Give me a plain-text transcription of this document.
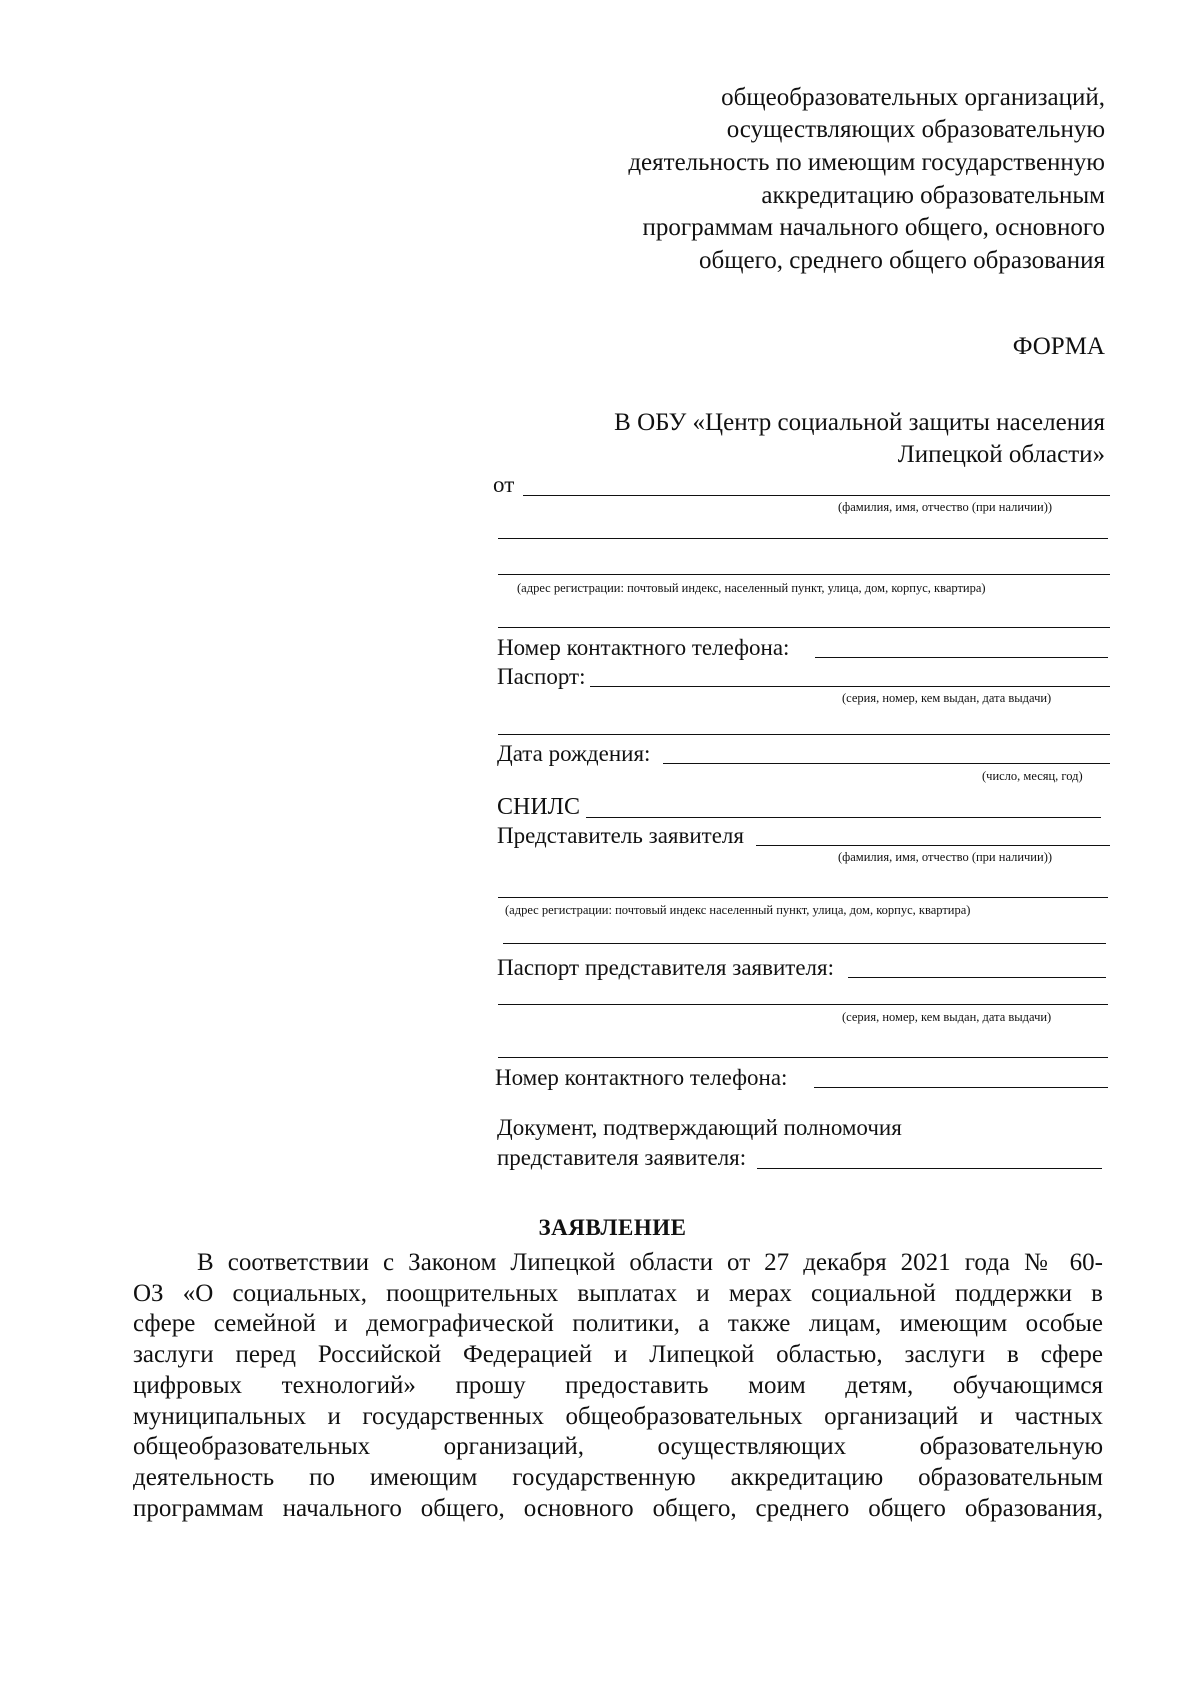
общеобразовательных организаций,
осуществляющих образовательную
деятельность по имеющим государственную
аккредитацию образовательным
программам начального общего, основного
общего, среднего общего образования
ФОРМА
В ОБУ «Центр социальной защиты населения
Липецкой области»
от
(фамилия, имя, отчество (при наличии))
(адрес регистрации: почтовый индекс, населенный пункт, улица, дом, корпус, квартира)
Номер контактного телефона:
Паспорт:
(серия, номер, кем выдан, дата выдачи)
Дата рождения:
(число, месяц, год)
СНИЛС
Представитель заявителя
(фамилия, имя, отчество (при наличии))
(адрес регистрации: почтовый индекс населенный пункт, улица, дом, корпус, квартира)
Паспорт представителя заявителя:
(серия, номер, кем выдан, дата выдачи)
Номер контактного телефона:
Документ, подтверждающий полномочия
представителя заявителя:
ЗАЯВЛЕНИЕ
В соответствии с Законом Липецкой области от 27 декабря 2021 года № 60-
ОЗ «О социальных, поощрительных выплатах и мерах социальной поддержки в
сфере семейной и демографической политики, а также лицам, имеющим особые
заслуги перед Российской Федерацией и Липецкой областью, заслуги в сфере
цифровых технологий» прошу предоставить моим детям, обучающимся
муниципальных и государственных общеобразовательных организаций и частных
общеобразовательных организаций, осуществляющих образовательную
деятельность по имеющим государственную аккредитацию образовательным
программам начального общего, основного общего, среднего общего образования,
